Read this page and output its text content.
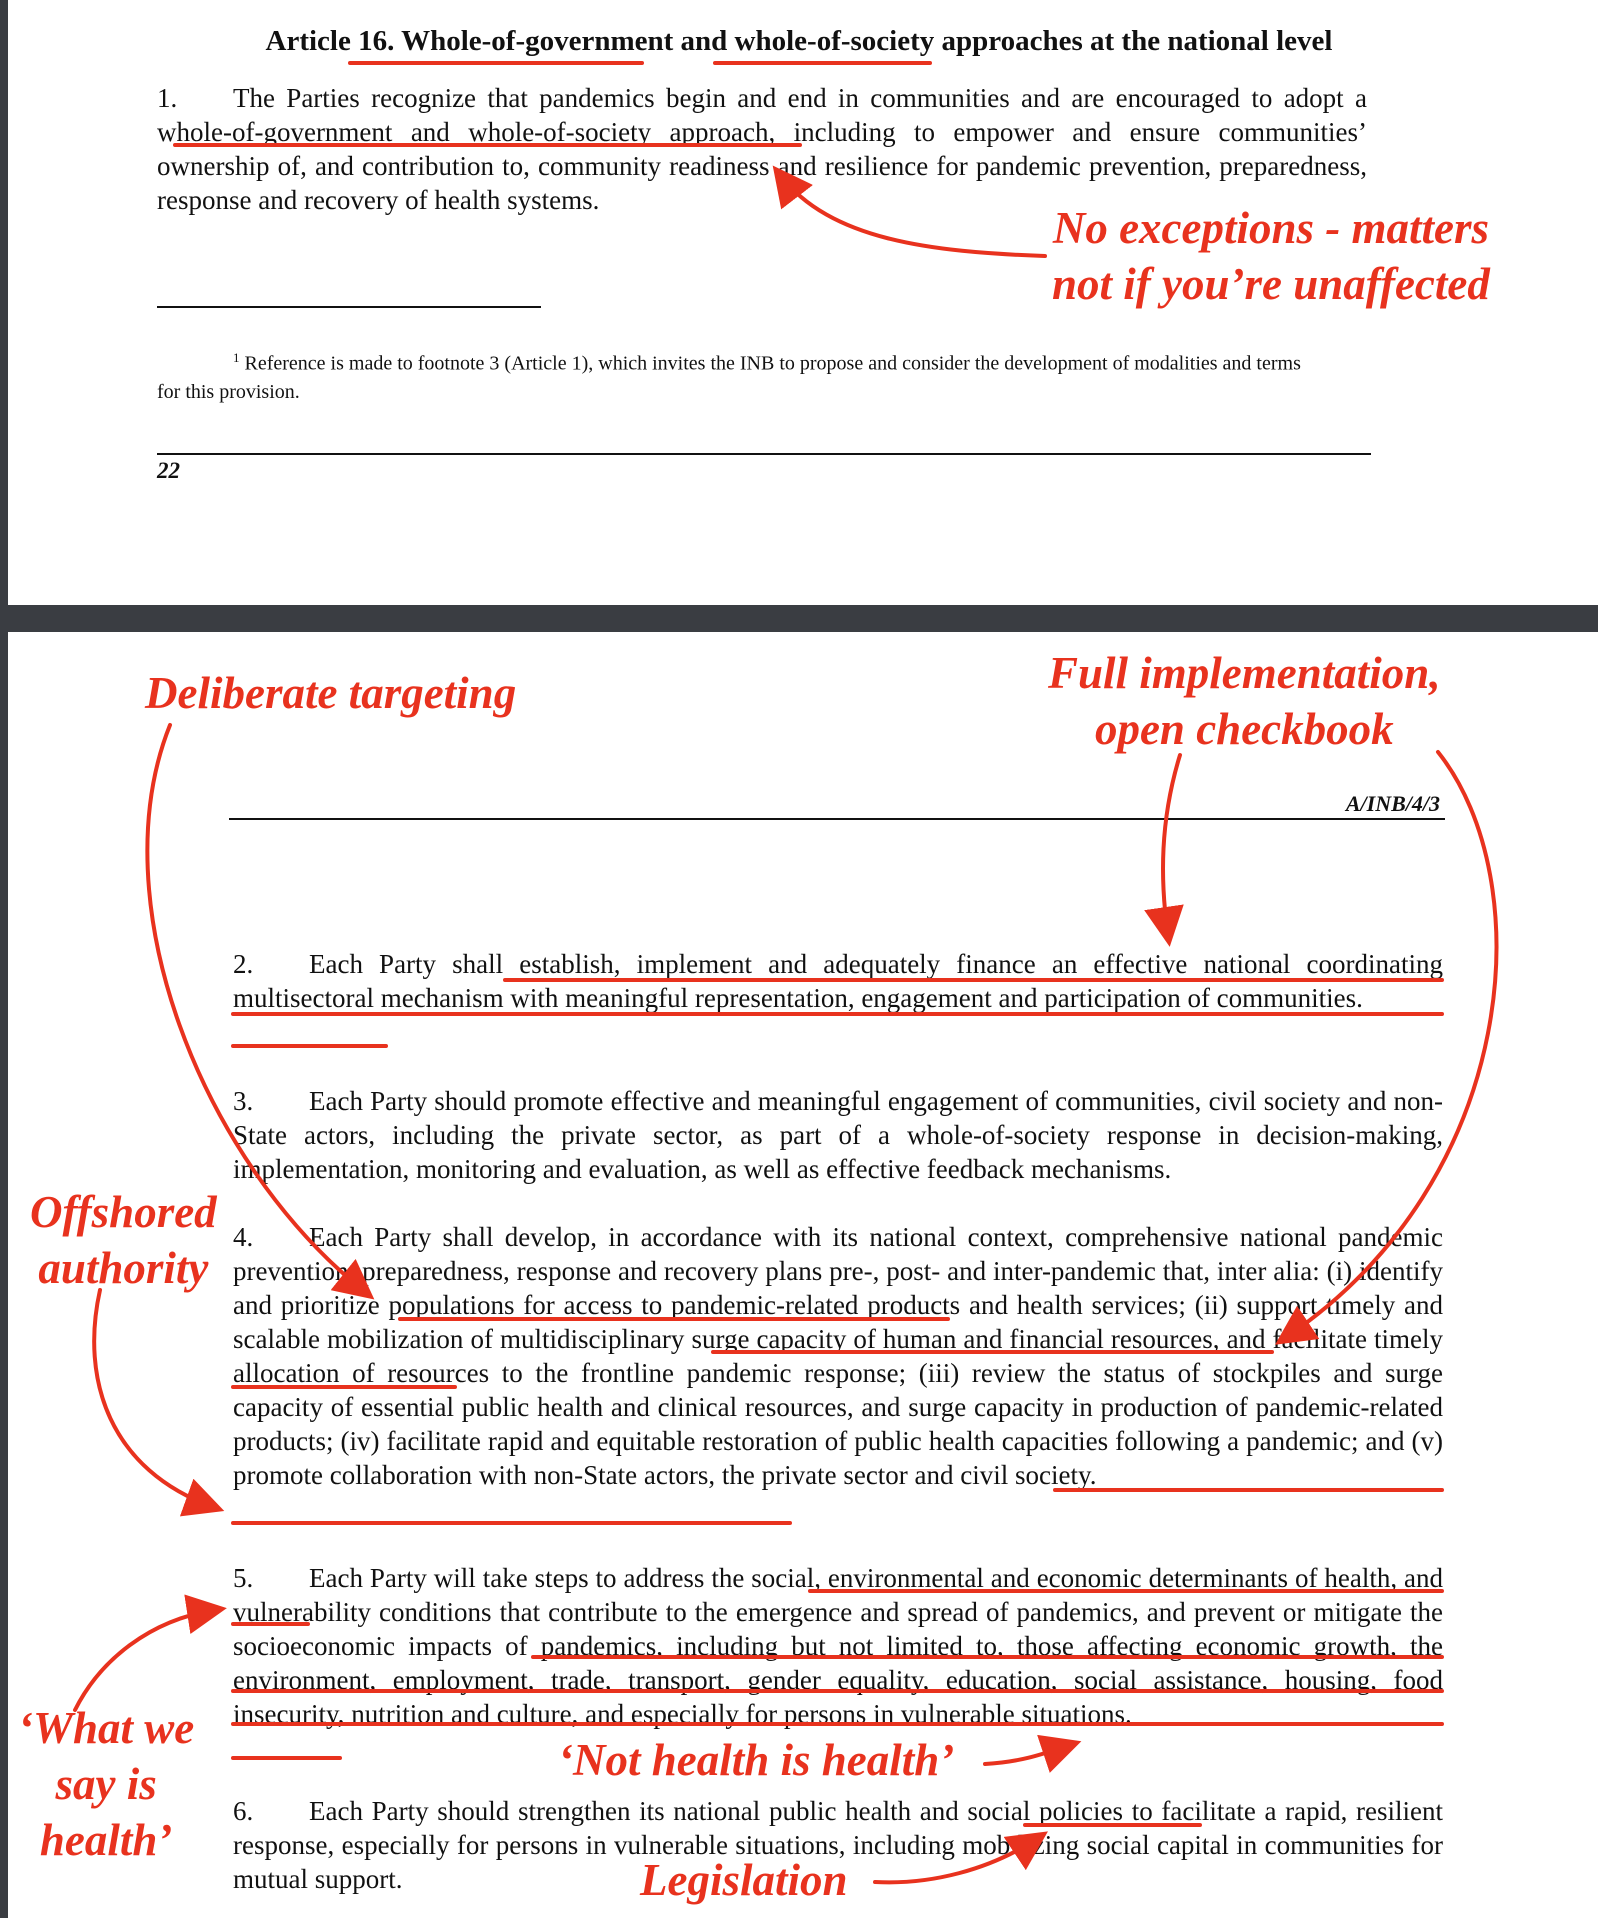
Article 16. Whole-of-government and whole-of-society approaches at the national level
1. The Parties recognize that pandemics begin and end in communities and are encouraged to adopt a whole-of-government and whole-of-society approach, including to empower and ensure communities’ ownership of, and contribution to, community readiness and resilience for pandemic prevention, preparedness, response and recovery of health systems.
$^1$ Reference is made to footnote 3 (Article 1), which invites the INB to propose and consider the development of modalities and terms for this provision.
22
A/INB/4/3
2. Each Party shall establish, implement and adequately finance an effective national coordinating multisectoral mechanism with meaningful representation, engagement and participation of communities.
3. Each Party should promote effective and meaningful engagement of communities, civil society and non-State actors, including the private sector, as part of a whole-of-society response in decision-making, implementation, monitoring and evaluation, as well as effective feedback mechanisms.
4. Each Party shall develop, in accordance with its national context, comprehensive national pandemic prevention, preparedness, response and recovery plans pre-, post- and inter-pandemic that, inter alia: (i) identify and prioritize populations for access to pandemic-related products and health services; (ii) support timely and scalable mobilization of multidisciplinary surge capacity of human and financial resources, and facilitate timely allocation of resources to the frontline pandemic response; (iii) review the status of stockpiles and surge capacity of essential public health and clinical resources, and surge capacity in production of pandemic-related products; (iv) facilitate rapid and equitable restoration of public health capacities following a pandemic; and (v) promote collaboration with non-State actors, the private sector and civil society.
5. Each Party will take steps to address the social, environmental and economic determinants of health, and vulnerability conditions that contribute to the emergence and spread of pandemics, and prevent or mitigate the socioeconomic impacts of pandemics, including but not limited to, those affecting economic growth, the environment, employment, trade, transport, gender equality, education, social assistance, housing, food insecurity, nutrition and culture, and especially for persons in vulnerable situations.
6. Each Party should strengthen its national public health and social policies to facilitate a rapid, resilient response, especially for persons in vulnerable situations, including mobilizing social capital in communities for mutual support.
No exceptions - matters
not if you’re unaffected
Deliberate targeting	Full implementation,
open checkbook
Offshored
authority
‘What we
say is
health’
‘Not health is health’
Legislation
